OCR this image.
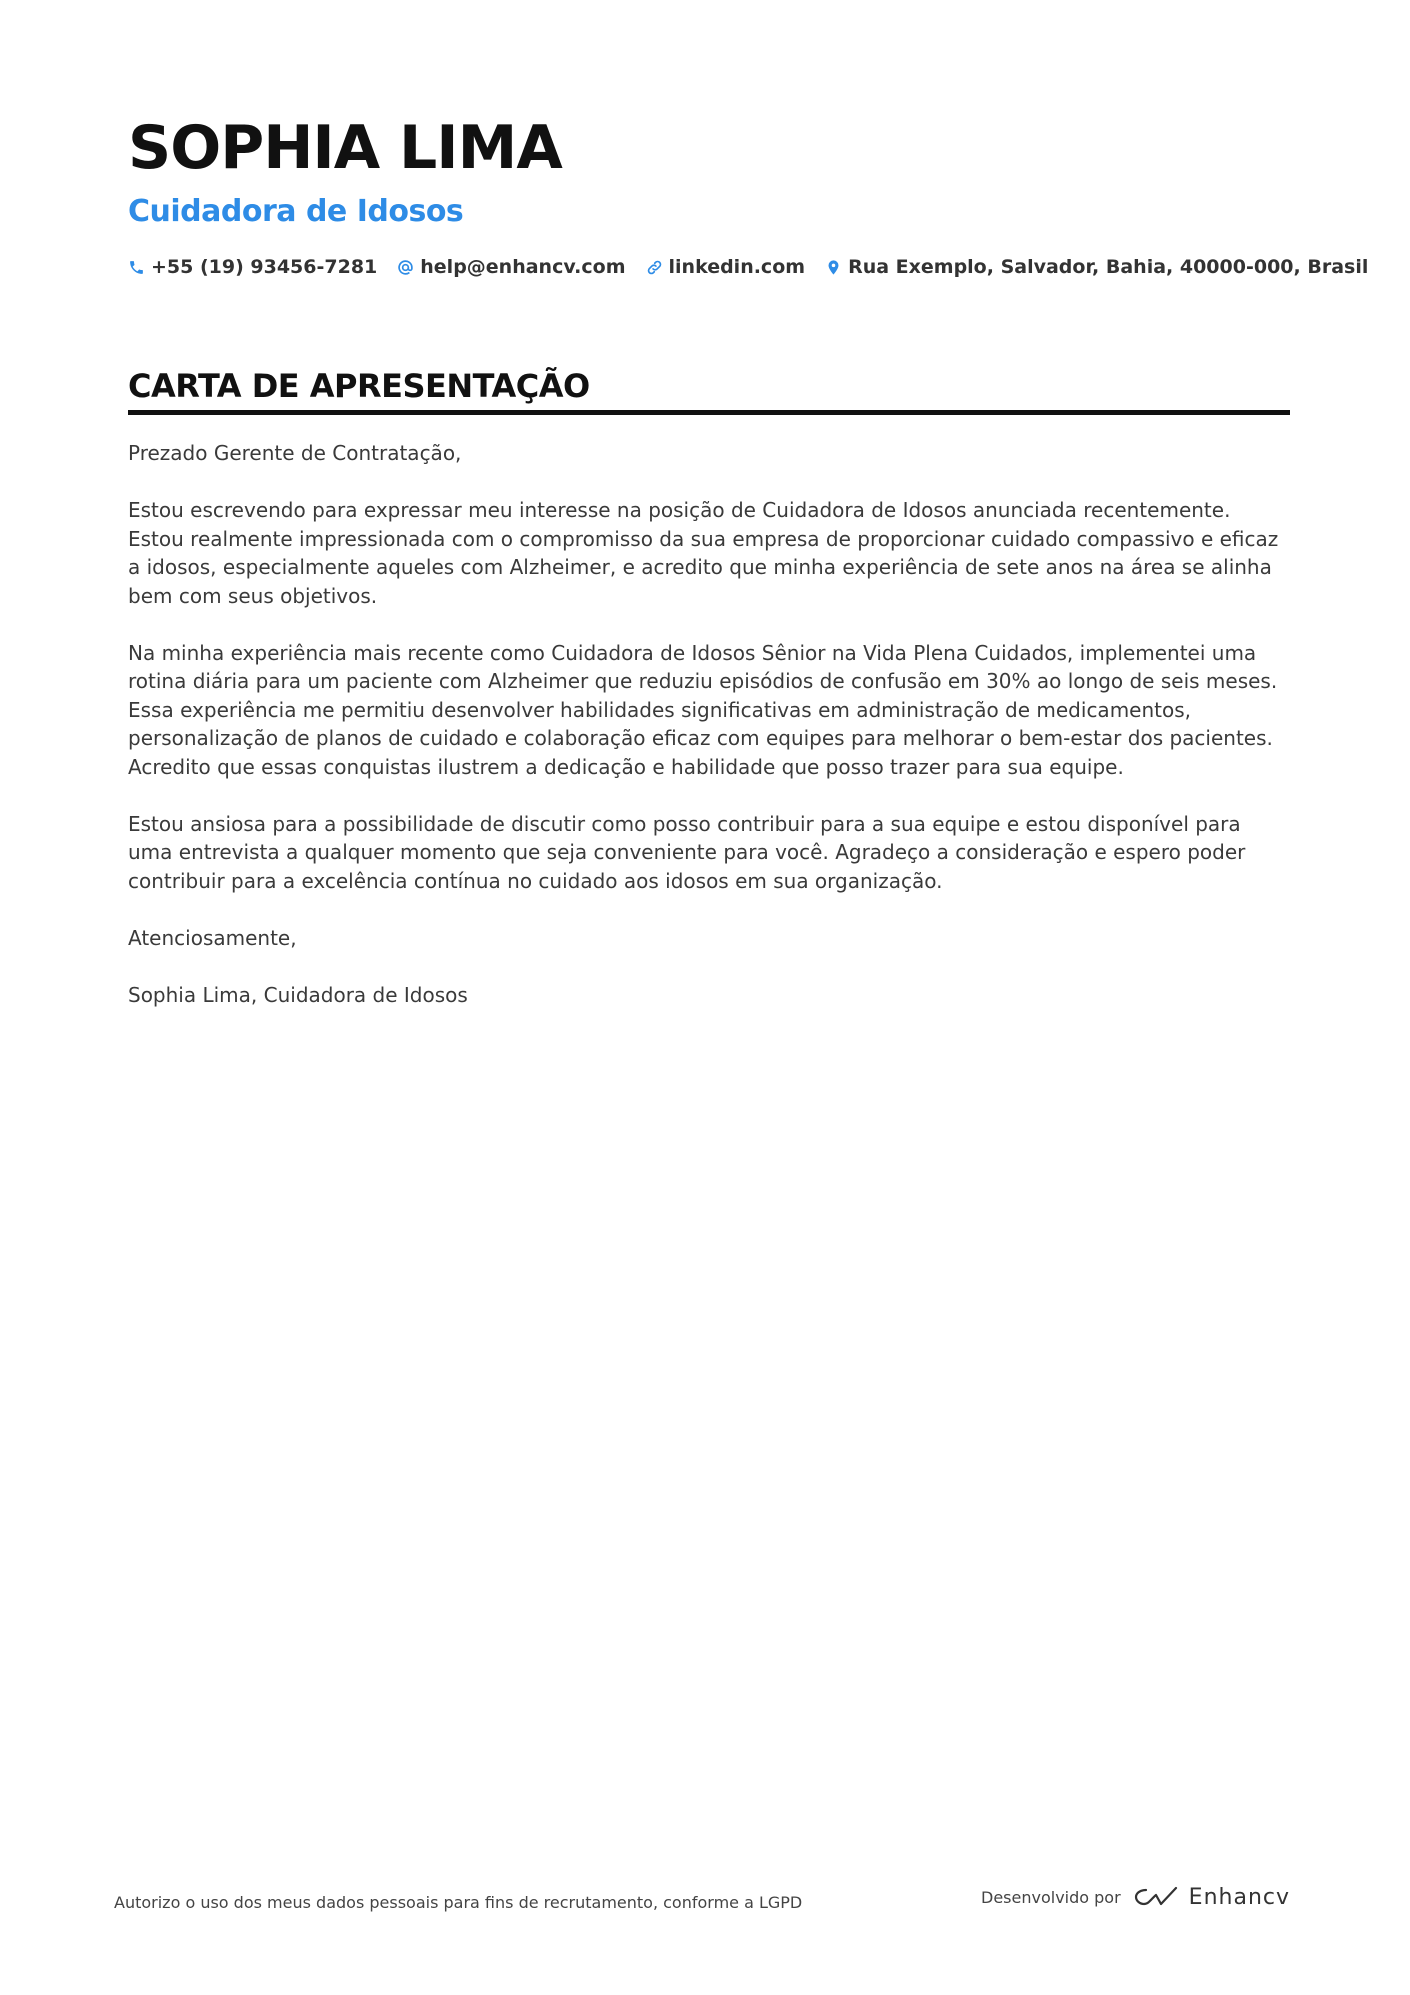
SOPHIA LIMA
Cuidadora de Idosos
+55 (19) 93456-7281 help@enhancv.com linkedin.com Rua Exemplo, Salvador, Bahia, 40000-000, Brasil
CARTA DE APRESENTAÇÃO

Prezado Gerente de Contratação,

Estou escrevendo para expressar meu interesse na posição de Cuidadora de Idosos anunciada recentemente. Estou realmente impressionada com o compromisso da sua empresa de proporcionar cuidado compassivo e eficaz a idosos, especialmente aqueles com Alzheimer, e acredito que minha experiência de sete anos na área se alinha bem com seus objetivos.

Na minha experiência mais recente como Cuidadora de Idosos Sênior na Vida Plena Cuidados, implementei uma rotina diária para um paciente com Alzheimer que reduziu episódios de confusão em 30% ao longo de seis meses. Essa experiência me permitiu desenvolver habilidades significativas em administração de medicamentos, personalização de planos de cuidado e colaboração eficaz com equipes para melhorar o bem-estar dos pacientes. Acredito que essas conquistas ilustrem a dedicação e habilidade que posso trazer para sua equipe.

Estou ansiosa para a possibilidade de discutir como posso contribuir para a sua equipe e estou disponível para uma entrevista a qualquer momento que seja conveniente para você. Agradeço a consideração e espero poder contribuir para a excelência contínua no cuidado aos idosos em sua organização.

Atenciosamente,

Sophia Lima, Cuidadora de Idosos

Autorizo o uso dos meus dados pessoais para fins de recrutamento, conforme a LGPD	Desenvolvido por	Enhancv
